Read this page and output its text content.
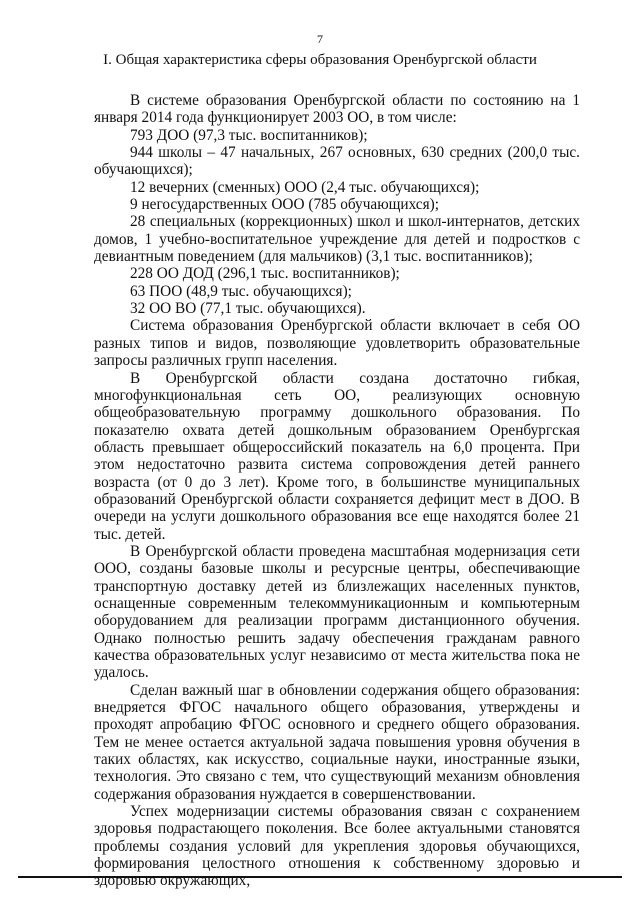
7
I. Общая характеристика сферы образования Оренбургской области

В системе образования Оренбургской области по состоянию на 1 января 2014 года функционирует 2003 ОО, в том числе:

793 ДОО (97,3 тыс. воспитанников);

944 школы – 47 начальных, 267 основных, 630 средних (200,0 тыс. обучающихся);

12 вечерних (сменных) ООО (2,4 тыс. обучающихся);

9 негосударственных ООО (785 обучающихся);

28 специальных (коррекционных) школ и школ-интернатов, детских домов, 1 учебно-воспитательное учреждение для детей и подростков с девиантным поведением (для мальчиков) (3,1 тыс. воспитанников);

228 ОО ДОД (296,1 тыс. воспитанников);

63 ПОО (48,9 тыс. обучающихся);

32 ОО ВО (77,1 тыс. обучающихся).

Система образования Оренбургской области включает в себя ОО разных типов и видов, позволяющие удовлетворить образовательные запросы различных групп населения.

В Оренбургской области создана достаточно гибкая, многофункциональная сеть ОО, реализующих основную общеобразовательную программу дошкольного образования. По показателю охвата детей дошкольным образованием Оренбургская область превышает общероссийский показатель на 6,0 процента. При этом недостаточно развита система сопровождения детей раннего возраста (от 0 до 3 лет). Кроме того, в большинстве муниципальных образований Оренбургской области сохраняется дефицит мест в ДОО. В очереди на услуги дошкольного образования все еще находятся более 21 тыс. детей.

В Оренбургской области проведена масштабная модернизация сети ООО, созданы базовые школы и ресурсные центры, обеспечивающие транспортную доставку детей из близлежащих населенных пунктов, оснащенные современным телекоммуникационным и компьютерным оборудованием для реализации программ дистанционного обучения. Однако полностью решить задачу обеспечения гражданам равного качества образовательных услуг независимо от места жительства пока не удалось.

Сделан важный шаг в обновлении содержания общего образования: внедряется ФГОС начального общего образования, утверждены и проходят апробацию ФГОС основного и среднего общего образования. Тем не менее остается актуальной задача повышения уровня обучения в таких областях, как искусство, социальные науки, иностранные языки, технология. Это связано с тем, что существующий механизм обновления содержания образования нуждается в совершенствовании.

Успех модернизации системы образования связан с сохранением здоровья подрастающего поколения. Все более актуальными становятся проблемы создания условий для укрепления здоровья обучающихся, формирования целостного отношения к собственному здоровью и здоровью окружающих,
